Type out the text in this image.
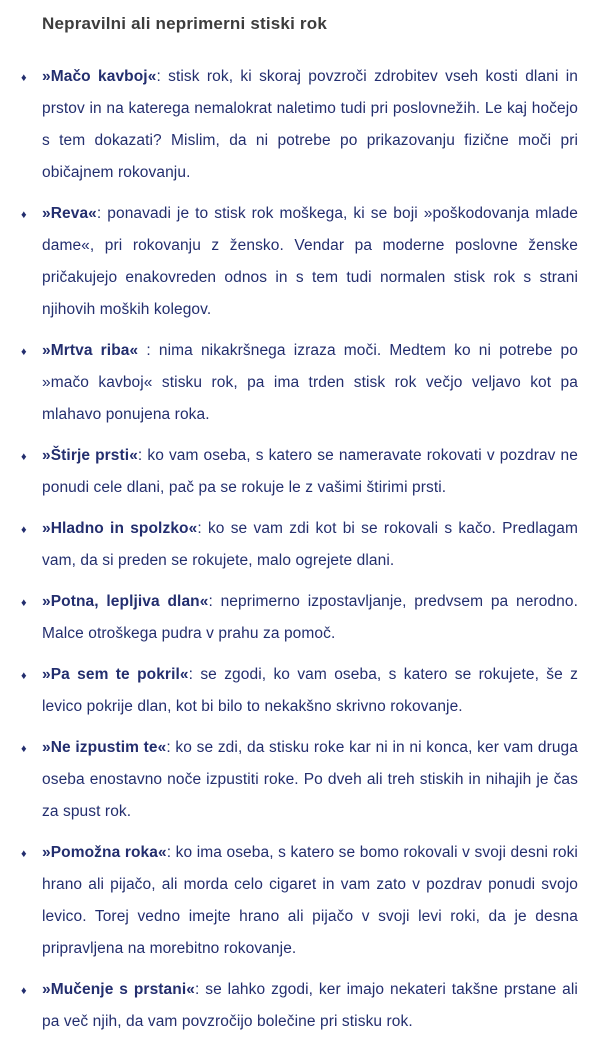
Nepravilni ali neprimerni stiski rok
♦ »Mačo kavboj«: stisk rok, ki skoraj povzroči zdrobitev vseh kosti dlani in prstov in na katerega nemalokrat naletimo tudi pri poslovnežih. Le kaj hočejo s tem dokazati? Mislim, da ni potrebe po prikazovanju fizične moči pri običajnem rokovanju.
♦ »Reva«: ponavadi je to stisk rok moškega, ki se boji »poškodovanja mlade dame«, pri rokovanju z žensko. Vendar pa moderne poslovne ženske pričakujejo enakovreden odnos in s tem tudi normalen stisk rok s strani njihovih moških kolegov.
♦ »Mrtva riba« : nima nikakršnega izraza moči. Medtem ko ni potrebe po »mačo kavboj« stisku rok, pa ima trden stisk rok večjo veljavo kot pa mlahavo ponujena roka.
♦ »Štirje prsti«: ko vam oseba, s katero se nameravate rokovati v pozdrav ne ponudi cele dlani, pač pa se rokuje le z vašimi štirimi prsti.
♦ »Hladno in spolzko«: ko se vam zdi kot bi se rokovali s kačo. Predlagam vam, da si preden se rokujete, malo ogrejete dlani.
♦ »Potna, lepljiva dlan«: neprimerno izpostavljanje, predvsem pa nerodno. Malce otroškega pudra v prahu za pomoč.
♦ »Pa sem te pokril«: se zgodi, ko vam oseba, s katero se rokujete, še z levico pokrije dlan, kot bi bilo to nekakšno skrivno rokovanje.
♦ »Ne izpustim te«: ko se zdi, da stisku roke kar ni in ni konca, ker vam druga oseba enostavno noče izpustiti roke. Po dveh ali treh stiskih in nihajih je čas za spust rok.
♦ »Pomožna roka«: ko ima oseba, s katero se bomo rokovali v svoji desni roki hrano ali pijačo, ali morda celo cigaret in vam zato v pozdrav ponudi svojo levico. Torej vedno imejte hrano ali pijačo v svoji levi roki, da je desna pripravljena na morebitno rokovanje.
♦ »Mučenje s prstani«: se lahko zgodi, ker imajo nekateri takšne prstane ali pa več njih, da vam povzročijo bolečine pri stisku rok.
